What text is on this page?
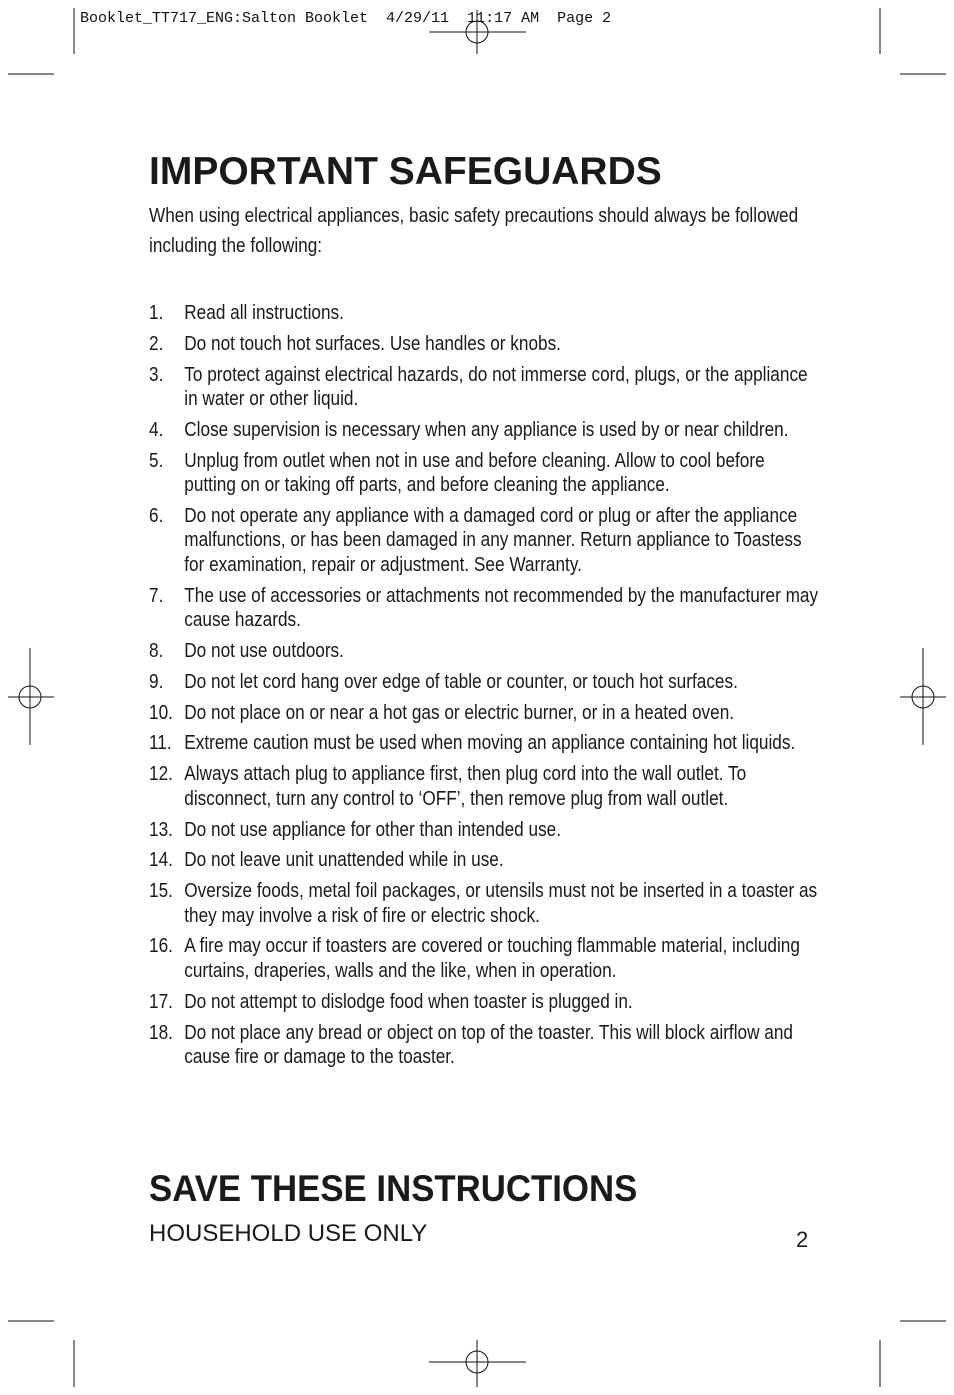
Booklet_TT717_ENG:Salton Booklet  4/29/11  11:17 AM  Page 2
IMPORTANT SAFEGUARDS

When using electrical appliances, basic safety precautions should always be followed including the following:

1. Read all instructions.
2. Do not touch hot surfaces. Use handles or knobs.
3. To protect against electrical hazards, do not immerse cord, plugs, or the appliance in water or other liquid.
4. Close supervision is necessary when any appliance is used by or near children.
5. Unplug from outlet when not in use and before cleaning. Allow to cool before putting on or taking off parts, and before cleaning the appliance.
6. Do not operate any appliance with a damaged cord or plug or after the appliance malfunctions, or has been damaged in any manner. Return appliance to Toastess for examination, repair or adjustment. See Warranty.
7. The use of accessories or attachments not recommended by the manufacturer may cause hazards.
8. Do not use outdoors.
9. Do not let cord hang over edge of table or counter, or touch hot surfaces.
10. Do not place on or near a hot gas or electric burner, or in a heated oven.
11. Extreme caution must be used when moving an appliance containing hot liquids.
12. Always attach plug to appliance first, then plug cord into the wall outlet. To disconnect, turn any control to ‘OFF’, then remove plug from wall outlet.
13. Do not use appliance for other than intended use.
14. Do not leave unit unattended while in use.
15. Oversize foods, metal foil packages, or utensils must not be inserted in a toaster as they may involve a risk of fire or electric shock.
16. A fire may occur if toasters are covered or touching flammable material, including curtains, draperies, walls and the like, when in operation.
17. Do not attempt to dislodge food when toaster is plugged in.
18. Do not place any bread or object on top of the toaster. This will block airflow and cause fire or damage to the toaster.
SAVE THESE INSTRUCTIONS
HOUSEHOLD USE ONLY	2
